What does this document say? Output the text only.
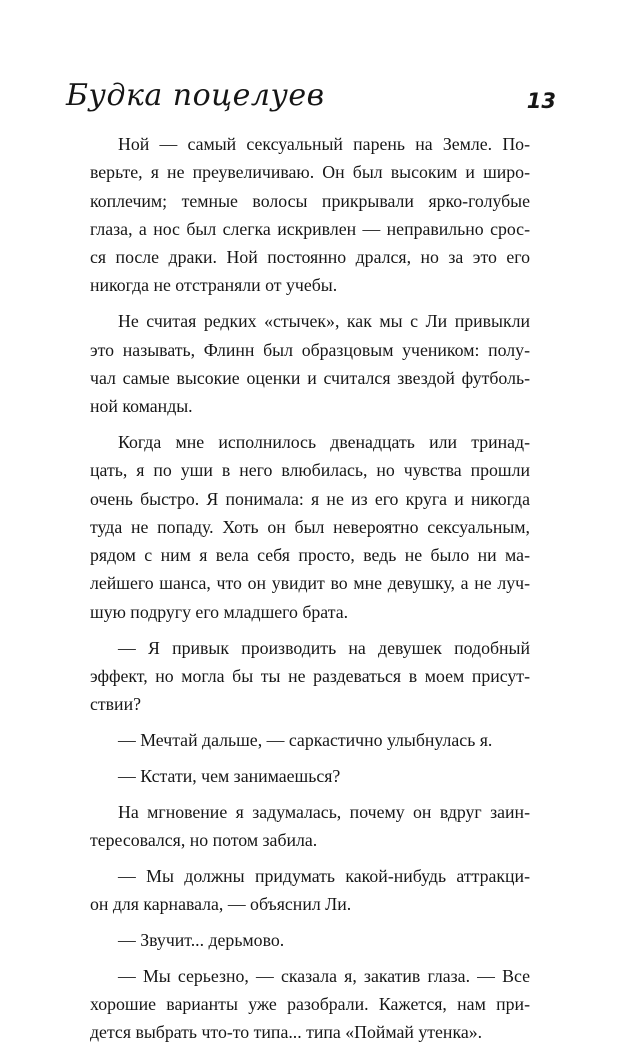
Будка поцелуев	13
Ной — самый сексуальный парень на Земле. По-
верьте, я не преувеличиваю. Он был высоким и широ-
коплечим; темные волосы прикрывали ярко-голубые
глаза, а нос был слегка искривлен — неправильно срос-
ся после драки. Ной постоянно дрался, но за это его
никогда не отстраняли от учебы.
Не считая редких «стычек», как мы с Ли привыкли
это называть, Флинн был образцовым учеником: полу-
чал самые высокие оценки и считался звездой футболь-
ной команды.
Когда мне исполнилось двенадцать или тринад-
цать, я по уши в него влюбилась, но чувства прошли
очень быстро. Я понимала: я не из его круга и никогда
туда не попаду. Хоть он был невероятно сексуальным,
рядом с ним я вела себя просто, ведь не было ни ма-
лейшего шанса, что он увидит во мне девушку, а не луч-
шую подругу его младшего брата.
— Я привык производить на девушек подобный
эффект, но могла бы ты не раздеваться в моем присут-
ствии?
— Мечтай дальше, — саркастично улыбнулась я.
— Кстати, чем занимаешься?
На мгновение я задумалась, почему он вдруг заин-
тересовался, но потом забила.
— Мы должны придумать какой-нибудь аттракци-
он для карнавала, — объяснил Ли.
— Звучит... дерьмово.
— Мы серьезно, — сказала я, закатив глаза. — Все
хорошие варианты уже разобрали. Кажется, нам при-
дется выбрать что-то типа... типа «Поймай утенка».
